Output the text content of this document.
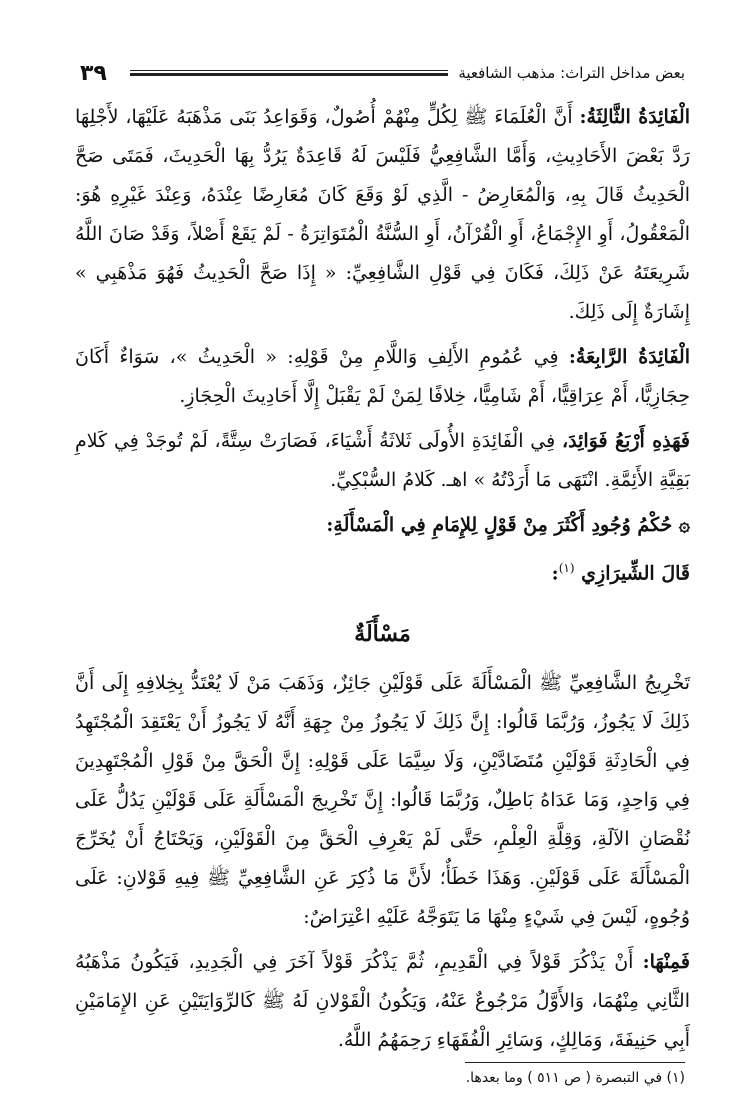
٣٩	بعض مداخل التراث: مذهب الشافعية

الْفَائِدَةُ الثَّالِثَةُ: أَنَّ الْعُلَمَاءَ ﷺ لِكُلٍّ مِنْهُمْ أُصُولٌ، وَقَوَاعِدُ بَنَى مَذْهَبَهُ عَلَيْهَا، لأَجْلِهَا رَدَّ بَعْضَ الأَحَادِيثِ، وَأَمَّا الشَّافِعِيُّ فَلَيْسَ لَهُ قَاعِدَةٌ يَرُدُّ بِهَا الْحَدِيثَ، فَمَتَى صَحَّ الْحَدِيثُ قَالَ بِهِ، وَالْمُعَارِضُ - الَّذِي لَوْ وَقَعَ كَانَ مُعَارِضًا عِنْدَهُ، وَعِنْدَ غَيْرِهِ هُوَ: الْمَعْقُولُ، أَوِ الإِجْمَاعُ، أَوِ الْقُرْآنُ، أَوِ السُّنَّةُ الْمُتَوَاتِرَةُ - لَمْ يَقَعْ أَصْلاً، وَقَدْ صَانَ اللَّهُ شَرِيعَتَهُ عَنْ ذَلِكَ، فَكَانَ فِي قَوْلِ الشَّافِعِيِّ: « إِذَا صَحَّ الْحَدِيثُ فَهُوَ مَذْهَبِي » إِشَارَةٌ إِلَى ذَلِكَ.

الْفَائِدَةُ الرَّابِعَةُ: فِي عُمُومِ الأَلِفِ وَاللَّامِ مِنْ قَوْلِهِ: « الْحَدِيثُ »، سَوَاءٌ أَكَانَ حِجَازِيًّا، أَمْ عِرَاقِيًّا، أَمْ شَامِيًّا، خِلافًا لِمَنْ لَمْ يَقْبَلْ إِلَّا أَحَادِيثَ الْحِجَازِ.

فَهَذِهِ أَرْبَعُ فَوَائِدَ، فِي الْفَائِدَةِ الأُولَى ثَلاثَةُ أَشْيَاءَ، فَصَارَتْ سِتَّةً، لَمْ تُوجَدْ فِي كَلامِ بَقِيَّةِ الأَئِمَّةِ. انْتَهَى مَا أَرَدْتُهُ » اهـ. كَلامُ السُّبْكِيِّ.

۞ حُكْمُ وُجُودِ أَكْثَرَ مِنْ قَوْلٍ لِلإِمَامِ فِي الْمَسْأَلَةِ:

قَالَ الشِّيرَازِي $^{(١)}$:

مَسْأَلَةٌ

تَخْرِيجُ الشَّافِعِيِّ ﷺ الْمَسْأَلَةَ عَلَى قَوْلَيْنِ جَائِزٌ، وَذَهَبَ مَنْ لَا يُعْتَدُّ بِخِلافِهِ إِلَى أَنَّ ذَلِكَ لَا يَجُوزُ، وَرُبَّمَا قَالُوا: إِنَّ ذَلِكَ لَا يَجُوزُ مِنْ جِهَةِ أَنَّهُ لَا يَجُوزُ أَنْ يَعْتَقِدَ الْمُجْتَهِدُ فِي الْحَادِثَةِ قَوْلَيْنِ مُتَضَادَّيْنِ، وَلَا سِيَّمَا عَلَى قَوْلِهِ: إِنَّ الْحَقَّ مِنْ قَوْلِ الْمُجْتَهِدِينَ فِي وَاحِدٍ، وَمَا عَدَاهُ بَاطِلٌ، وَرُبَّمَا قَالُوا: إِنَّ تَخْرِيجَ الْمَسْأَلَةِ عَلَى قَوْلَيْنِ يَدُلُّ عَلَى نُقْصَانِ الآلَةِ، وَقِلَّةِ الْعِلْمِ، حَتَّى لَمْ يَعْرِفِ الْحَقَّ مِنَ الْقَوْلَيْنِ، وَيَحْتَاجُ أَنْ يُخَرِّجَ الْمَسْأَلَةَ عَلَى قَوْلَيْنِ. وَهَذَا خَطَأٌ؛ لأَنَّ مَا ذُكِرَ عَنِ الشَّافِعِيِّ ﷺ فِيهِ قَوْلانِ: عَلَى وُجُوهٍ، لَيْسَ فِي شَيْءٍ مِنْهَا مَا يَتَوَجَّهُ عَلَيْهِ اعْتِرَاضٌ:

فَمِنْهَا: أَنْ يَذْكُرَ قَوْلاً فِي الْقَدِيمِ، ثُمَّ يَذْكُرَ قَوْلاً آخَرَ فِي الْجَدِيدِ، فَيَكُونُ مَذْهَبُهُ الثَّانِي مِنْهُمَا، وَالأَوَّلُ مَرْجُوعٌ عَنْهُ، وَيَكُونُ الْقَوْلانِ لَهُ ﷺ كَالرِّوَايَتَيْنِ عَنِ الإِمَامَيْنِ أَبِي حَنِيفَةَ، وَمَالِكٍ، وَسَائِرِ الْفُقَهَاءِ رَحِمَهُمُ اللَّهُ.

(١) في التبصرة ( ص ٥١١ ) وما بعدها.
